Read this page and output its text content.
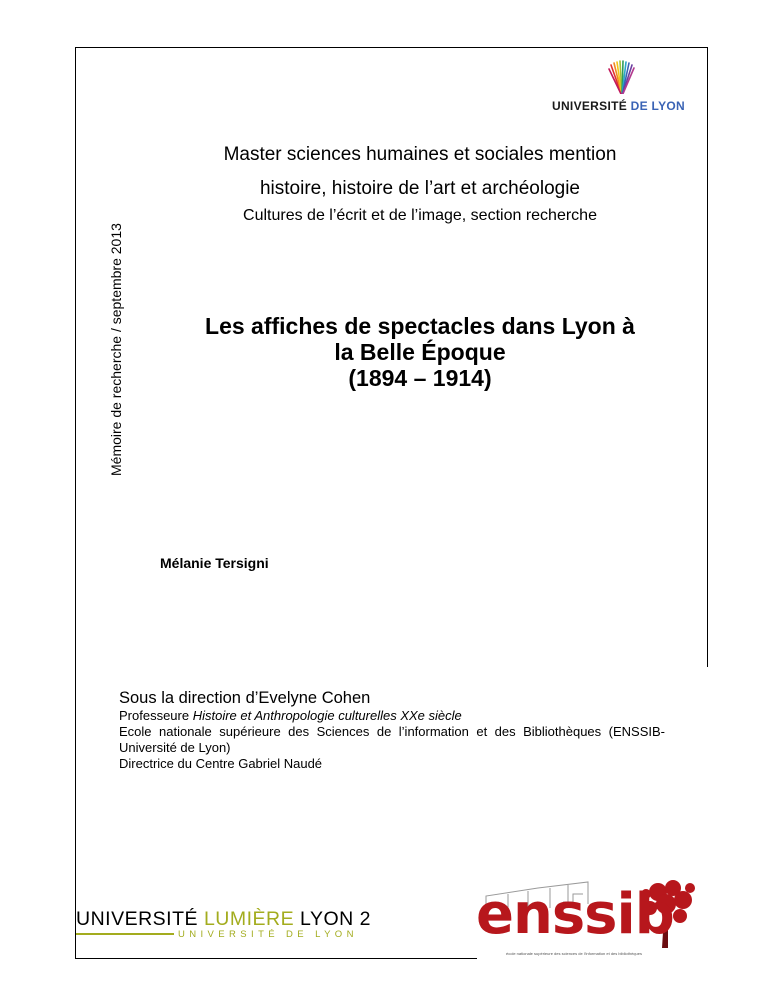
UNIVERSITÉ DE LYON
Mémoire de recherche / septembre 2013
Master sciences humaines et sociales mention
histoire, histoire de l’art et archéologie
Cultures de l’écrit et de l’image, section recherche
Les affiches de spectacles dans Lyon à
la Belle Époque
(1894 – 1914)
Mélanie Tersigni
Sous la direction d’Evelyne Cohen
Professeure Histoire et Anthropologie culturelles XXe siècle
Ecole nationale supérieure des Sciences de l’information et des Bibliothèques (ENSSIB-Université de Lyon)
Directrice du Centre Gabriel Naudé
UNIVERSITÉ LUMIÈRE LYON 2
UNIVERSITÉ DE LYON enssib
école nationale supérieure des sciences de l'information et des bibliothèques
